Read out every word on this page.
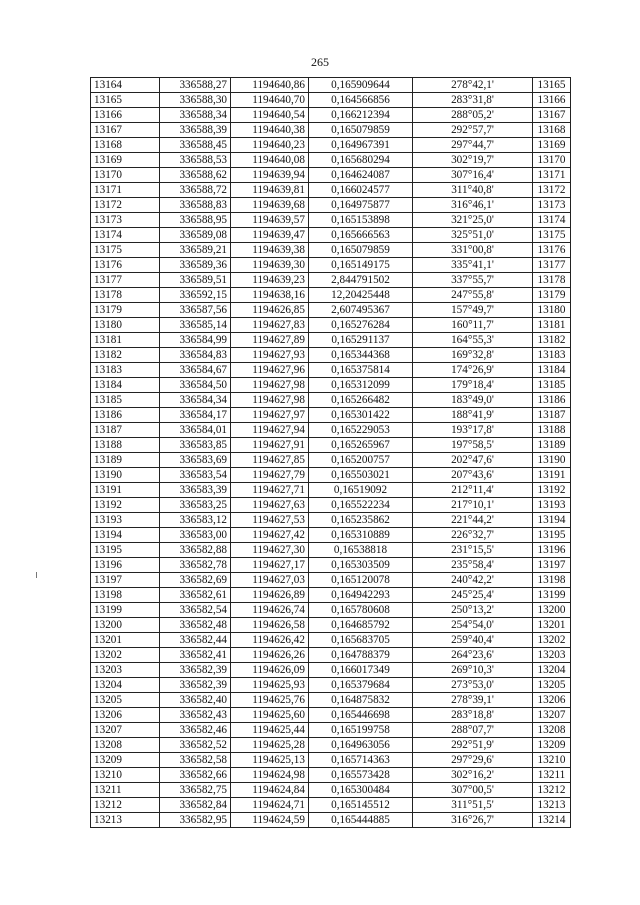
265
13164	336588,27	1194640,86	0,165909644	278°42,1'	13165
13165	336588,30	1194640,70	0,164566856	283°31,8'	13166
13166	336588,34	1194640,54	0,166212394	288°05,2'	13167
13167	336588,39	1194640,38	0,165079859	292°57,7'	13168
13168	336588,45	1194640,23	0,164967391	297°44,7'	13169
13169	336588,53	1194640,08	0,165680294	302°19,7'	13170
13170	336588,62	1194639,94	0,164624087	307°16,4'	13171
13171	336588,72	1194639,81	0,166024577	311°40,8'	13172
13172	336588,83	1194639,68	0,164975877	316°46,1'	13173
13173	336588,95	1194639,57	0,165153898	321°25,0'	13174
13174	336589,08	1194639,47	0,165666563	325°51,0'	13175
13175	336589,21	1194639,38	0,165079859	331°00,8'	13176
13176	336589,36	1194639,30	0,165149175	335°41,1'	13177
13177	336589,51	1194639,23	2,844791502	337°55,7'	13178
13178	336592,15	1194638,16	12,20425448	247°55,8'	13179
13179	336587,56	1194626,85	2,607495367	157°49,7'	13180
13180	336585,14	1194627,83	0,165276284	160°11,7'	13181
13181	336584,99	1194627,89	0,165291137	164°55,3'	13182
13182	336584,83	1194627,93	0,165344368	169°32,8'	13183
13183	336584,67	1194627,96	0,165375814	174°26,9'	13184
13184	336584,50	1194627,98	0,165312099	179°18,4'	13185
13185	336584,34	1194627,98	0,165266482	183°49,0'	13186
13186	336584,17	1194627,97	0,165301422	188°41,9'	13187
13187	336584,01	1194627,94	0,165229053	193°17,8'	13188
13188	336583,85	1194627,91	0,165265967	197°58,5'	13189
13189	336583,69	1194627,85	0,165200757	202°47,6'	13190
13190	336583,54	1194627,79	0,165503021	207°43,6'	13191
13191	336583,39	1194627,71	0,16519092	212°11,4'	13192
13192	336583,25	1194627,63	0,165522234	217°10,1'	13193
13193	336583,12	1194627,53	0,165235862	221°44,2'	13194
13194	336583,00	1194627,42	0,165310889	226°32,7'	13195
13195	336582,88	1194627,30	0,16538818	231°15,5'	13196
13196	336582,78	1194627,17	0,165303509	235°58,4'	13197
13197	336582,69	1194627,03	0,165120078	240°42,2'	13198
13198	336582,61	1194626,89	0,164942293	245°25,4'	13199
13199	336582,54	1194626,74	0,165780608	250°13,2'	13200
13200	336582,48	1194626,58	0,164685792	254°54,0'	13201
13201	336582,44	1194626,42	0,165683705	259°40,4'	13202
13202	336582,41	1194626,26	0,164788379	264°23,6'	13203
13203	336582,39	1194626,09	0,166017349	269°10,3'	13204
13204	336582,39	1194625,93	0,165379684	273°53,0'	13205
13205	336582,40	1194625,76	0,164875832	278°39,1'	13206
13206	336582,43	1194625,60	0,165446698	283°18,8'	13207
13207	336582,46	1194625,44	0,165199758	288°07,7'	13208
13208	336582,52	1194625,28	0,164963056	292°51,9'	13209
13209	336582,58	1194625,13	0,165714363	297°29,6'	13210
13210	336582,66	1194624,98	0,165573428	302°16,2'	13211
13211	336582,75	1194624,84	0,165300484	307°00,5'	13212
13212	336582,84	1194624,71	0,165145512	311°51,5'	13213
13213	336582,95	1194624,59	0,165444885	316°26,7'	13214
